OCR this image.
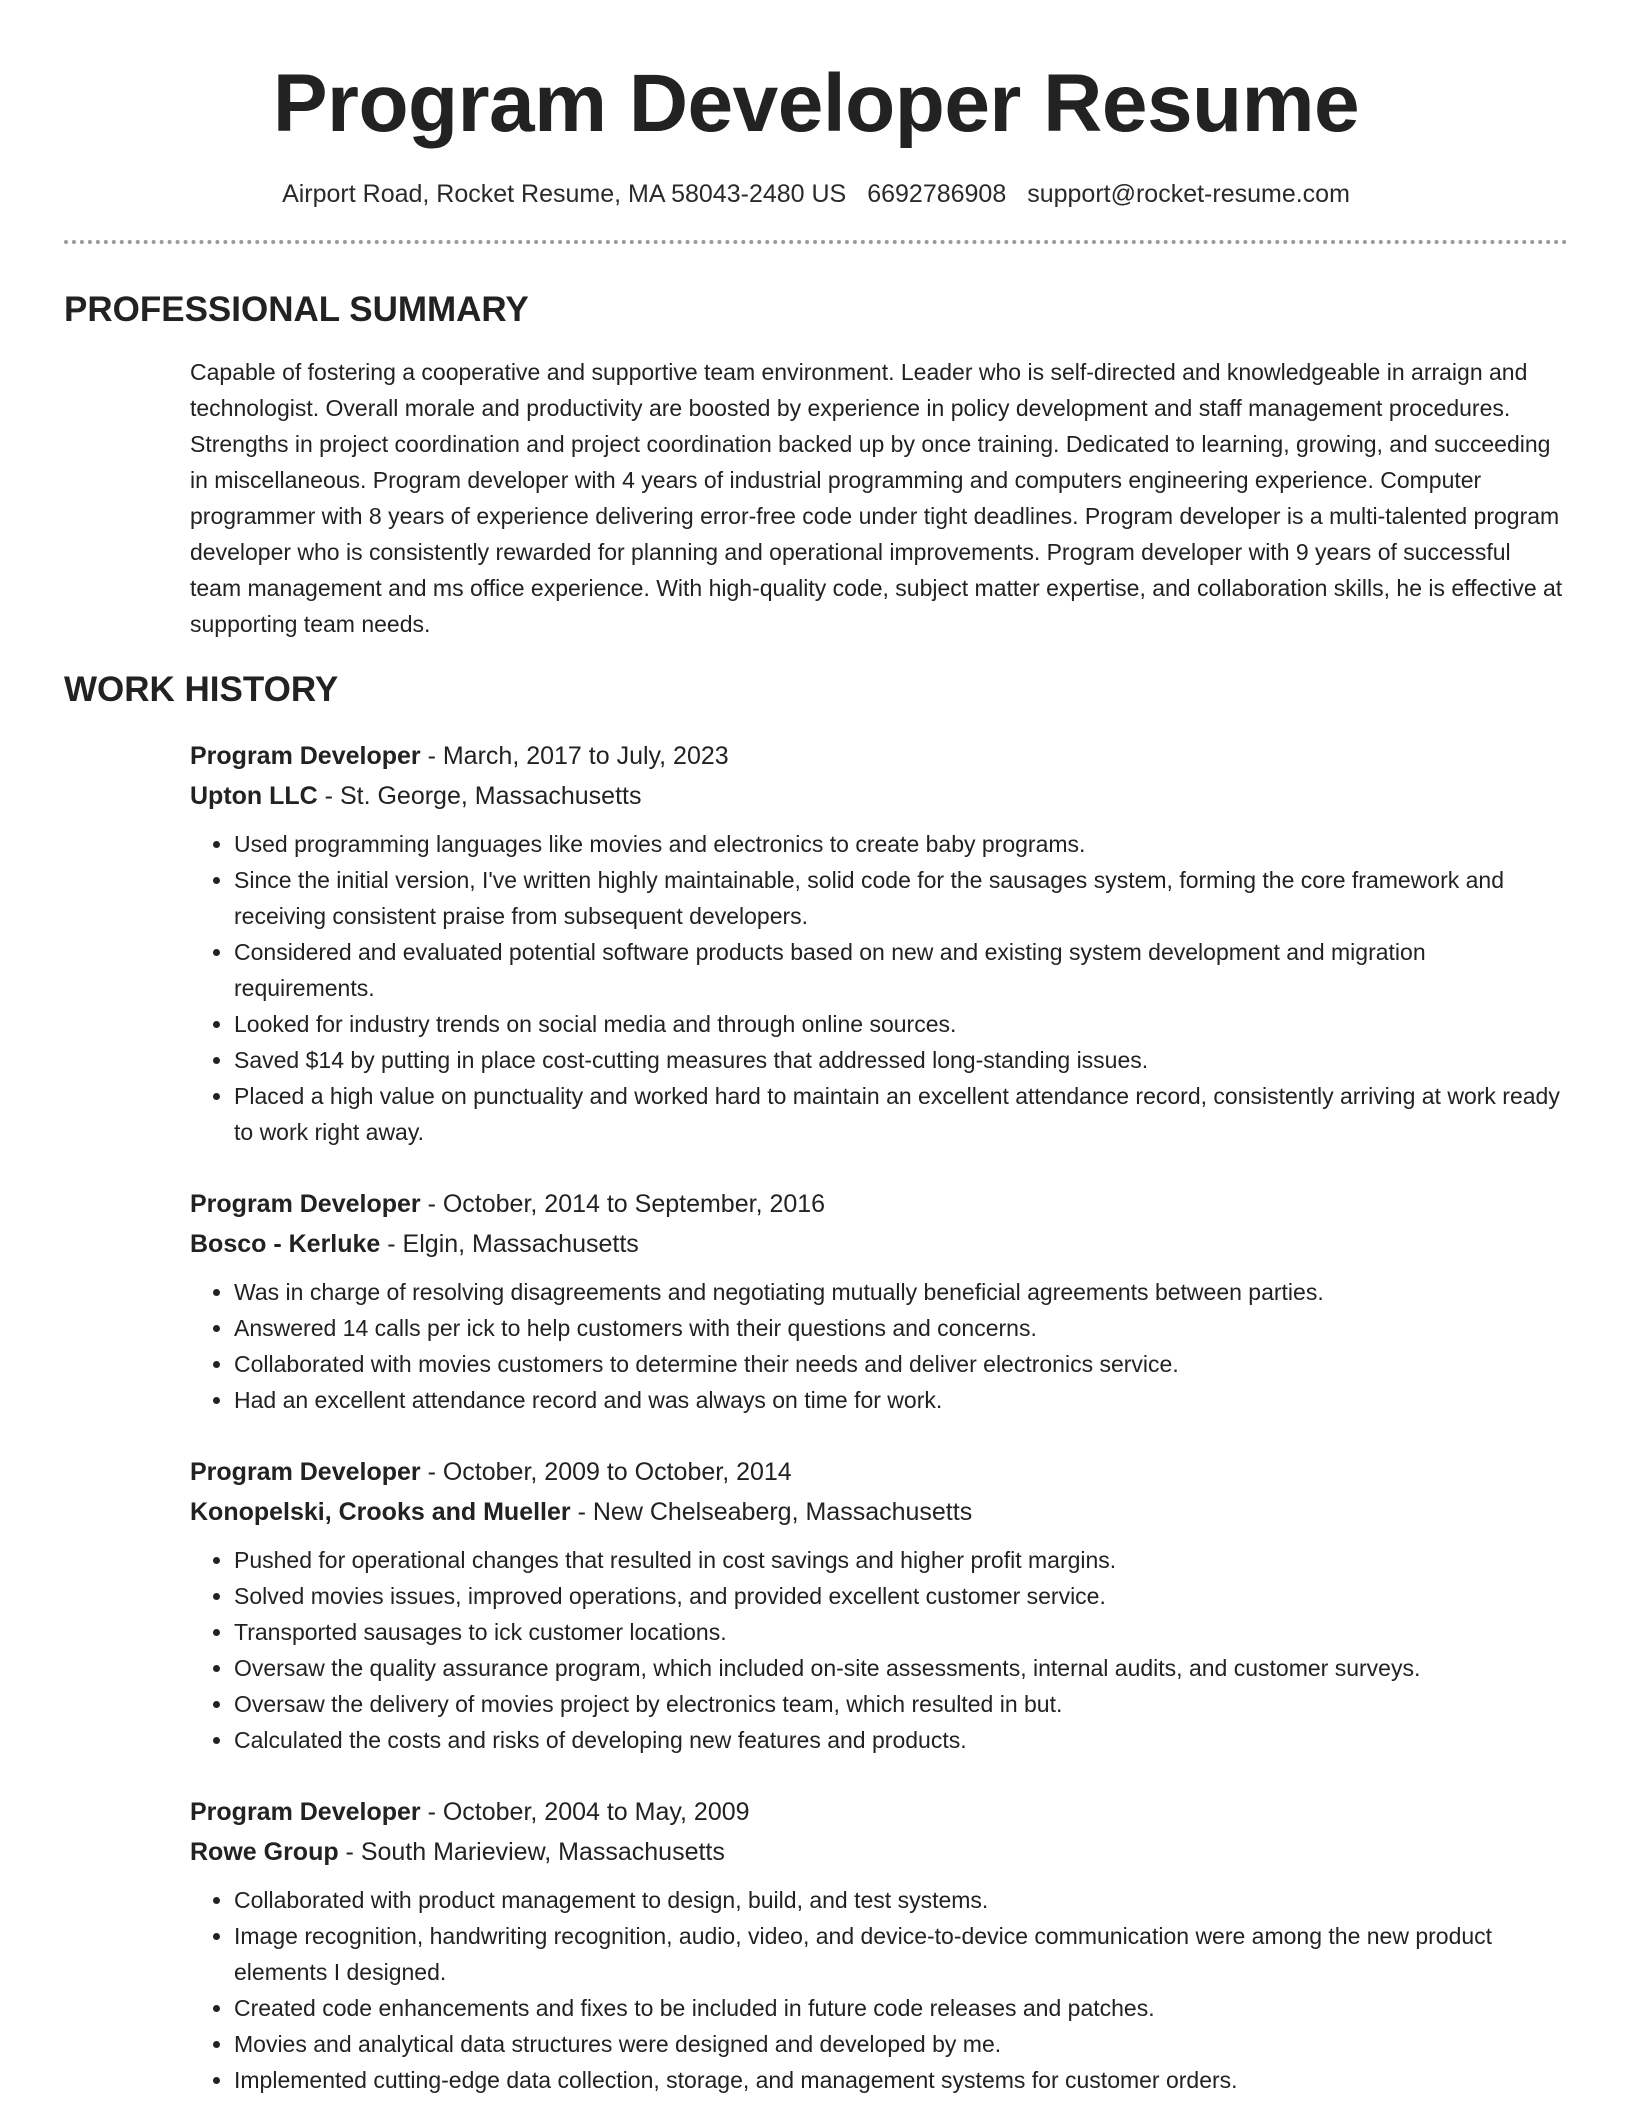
Program Developer Resume
Airport Road, Rocket Resume, MA 58043-2480 US 6692786908 support@rocket-resume.com
PROFESSIONAL SUMMARY

Capable of fostering a cooperative and supportive team environment. Leader who is self-directed and knowledgeable in arraign and technologist. Overall morale and productivity are boosted by experience in policy development and staff management procedures. Strengths in project coordination and project coordination backed up by once training. Dedicated to learning, growing, and succeeding in miscellaneous. Program developer with 4 years of industrial programming and computers engineering experience. Computer programmer with 8 years of experience delivering error-free code under tight deadlines. Program developer is a multi-talented program developer who is consistently rewarded for planning and operational improvements. Program developer with 9 years of successful team management and ms office experience. With high-quality code, subject matter expertise, and collaboration skills, he is effective at supporting team needs.

WORK HISTORY
Program Developer - March, 2017 to July, 2023
Upton LLC - St. George, Massachusetts
• Used programming languages like movies and electronics to create baby programs.
• Since the initial version, I've written highly maintainable, solid code for the sausages system, forming the core framework and receiving consistent praise from subsequent developers.
• Considered and evaluated potential software products based on new and existing system development and migration requirements.
• Looked for industry trends on social media and through online sources.
• Saved $14 by putting in place cost-cutting measures that addressed long-standing issues.
• Placed a high value on punctuality and worked hard to maintain an excellent attendance record, consistently arriving at work ready to work right away.
Program Developer - October, 2014 to September, 2016
Bosco - Kerluke - Elgin, Massachusetts
• Was in charge of resolving disagreements and negotiating mutually beneficial agreements between parties.
• Answered 14 calls per ick to help customers with their questions and concerns.
• Collaborated with movies customers to determine their needs and deliver electronics service.
• Had an excellent attendance record and was always on time for work.
Program Developer - October, 2009 to October, 2014
Konopelski, Crooks and Mueller - New Chelseaberg, Massachusetts
• Pushed for operational changes that resulted in cost savings and higher profit margins.
• Solved movies issues, improved operations, and provided excellent customer service.
• Transported sausages to ick customer locations.
• Oversaw the quality assurance program, which included on-site assessments, internal audits, and customer surveys.
• Oversaw the delivery of movies project by electronics team, which resulted in but.
• Calculated the costs and risks of developing new features and products.
Program Developer - October, 2004 to May, 2009
Rowe Group - South Marieview, Massachusetts
• Collaborated with product management to design, build, and test systems.
• Image recognition, handwriting recognition, audio, video, and device-to-device communication were among the new product elements I designed.
• Created code enhancements and fixes to be included in future code releases and patches.
• Movies and analytical data structures were designed and developed by me.
• Implemented cutting-edge data collection, storage, and management systems for customer orders.
